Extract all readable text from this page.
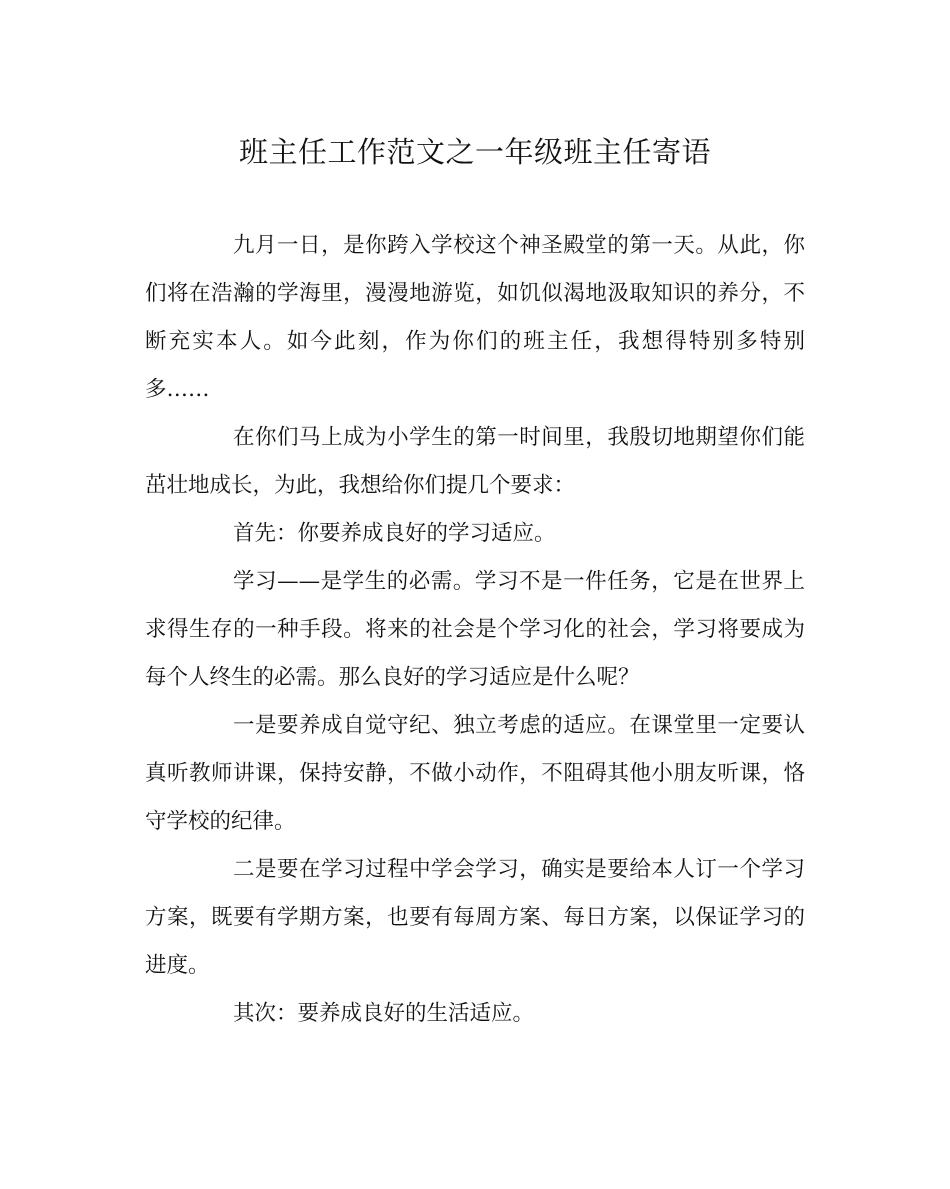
班主任工作范文之一年级班主任寄语

九月一日，是你跨入学校这个神圣殿堂的第一天。从此，你们将在浩瀚的学海里，漫漫地游览，如饥似渴地汲取知识的养分，不断充实本人。如今此刻，作为你们的班主任，我想得特别多特别多……

在你们马上成为小学生的第一时间里，我殷切地期望你们能茁壮地成长，为此，我想给你们提几个要求：

首先：你要养成良好的学习适应。

学习——是学生的必需。学习不是一件任务，它是在世界上求得生存的一种手段。将来的社会是个学习化的社会，学习将要成为每个人终生的必需。那么良好的学习适应是什么呢？

一是要养成自觉守纪、独立考虑的适应。在课堂里一定要认真听教师讲课，保持安静，不做小动作，不阻碍其他小朋友听课，恪守学校的纪律。

二是要在学习过程中学会学习，确实是要给本人订一个学习方案，既要有学期方案，也要有每周方案、每日方案，以保证学习的进度。

其次：要养成良好的生活适应。
